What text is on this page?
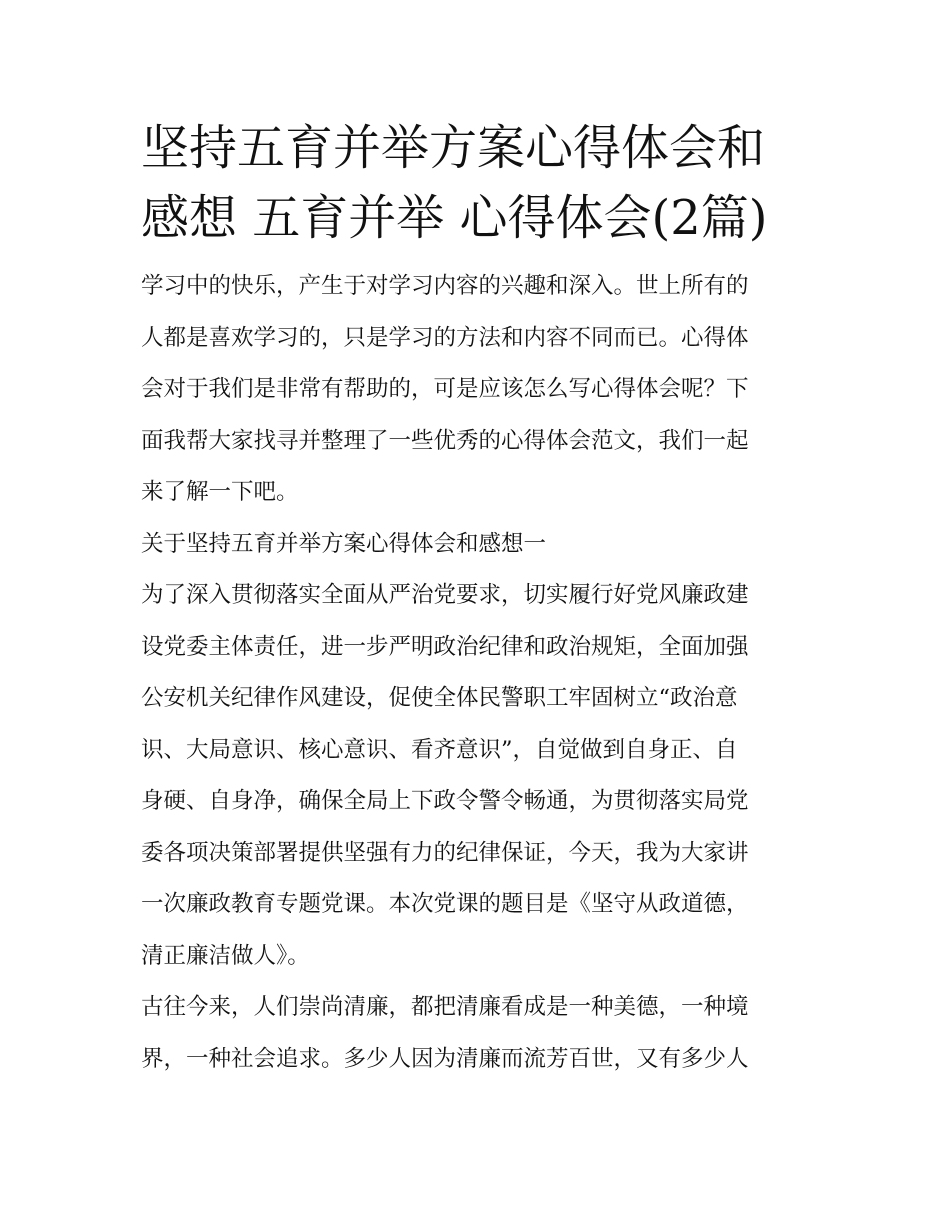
坚持五育并举方案心得体会和
感想 五育并举 心得体会(2篇)
学习中的快乐，产生于对学习内容的兴趣和深入。世上所有的
人都是喜欢学习的，只是学习的方法和内容不同而已。心得体
会对于我们是非常有帮助的，可是应该怎么写心得体会呢？下
面我帮大家找寻并整理了一些优秀的心得体会范文，我们一起
来了解一下吧。
关于坚持五育并举方案心得体会和感想一
为了深入贯彻落实全面从严治党要求，切实履行好党风廉政建
设党委主体责任，进一步严明政治纪律和政治规矩，全面加强
公安机关纪律作风建设，促使全体民警职工牢固树立“政治意
识、大局意识、核心意识、看齐意识”，自觉做到自身正、自
身硬、自身净，确保全局上下政令警令畅通，为贯彻落实局党
委各项决策部署提供坚强有力的纪律保证，今天，我为大家讲
一次廉政教育专题党课。本次党课的题目是《坚守从政道德，
清正廉洁做人》。
古往今来，人们崇尚清廉，都把清廉看成是一种美德，一种境
界，一种社会追求。多少人因为清廉而流芳百世，又有多少人
